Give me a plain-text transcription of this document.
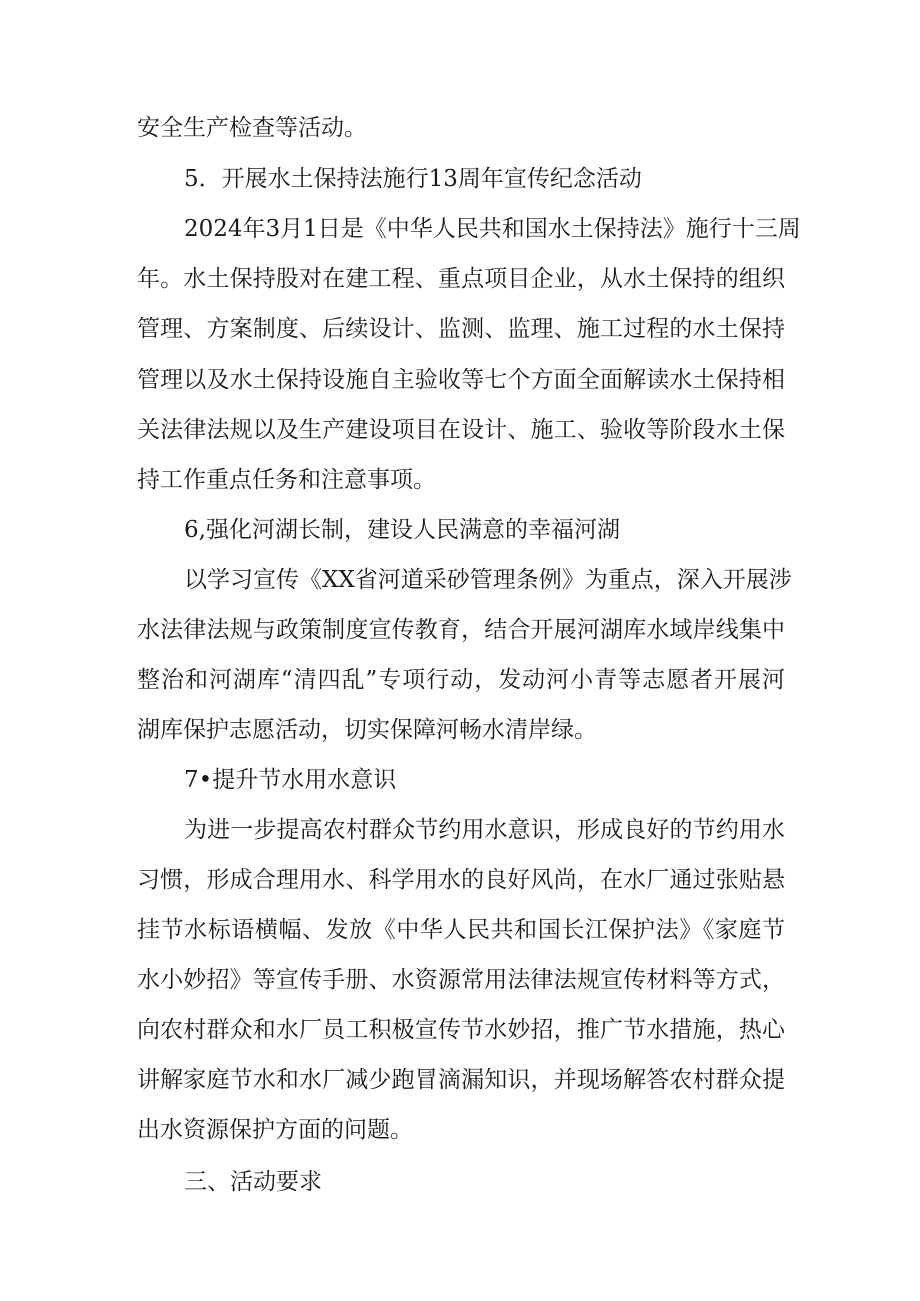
安全生产检查等活动。
5．开展水土保持法施行13周年宣传纪念活动
2024年3月1日是《中华人民共和国水土保持法》施行十三周
年。水土保持股对在建工程、重点项目企业，从水土保持的组织
管理、方案制度、后续设计、监测、监理、施工过程的水土保持
管理以及水土保持设施自主验收等七个方面全面解读水土保持相
关法律法规以及生产建设项目在设计、施工、验收等阶段水土保
持工作重点任务和注意事项。
6,强化河湖长制，建设人民满意的幸福河湖
以学习宣传《XX省河道采砂管理条例》为重点，深入开展涉
水法律法规与政策制度宣传教育，结合开展河湖库水域岸线集中
整治和河湖库“清四乱”专项行动，发动河小青等志愿者开展河
湖库保护志愿活动，切实保障河畅水清岸绿。
7•提升节水用水意识
为进一步提高农村群众节约用水意识，形成良好的节约用水
习惯，形成合理用水、科学用水的良好风尚，在水厂通过张贴悬
挂节水标语横幅、发放《中华人民共和国长江保护法》《家庭节
水小妙招》等宣传手册、水资源常用法律法规宣传材料等方式，
向农村群众和水厂员工积极宣传节水妙招，推广节水措施，热心
讲解家庭节水和水厂减少跑冒滴漏知识，并现场解答农村群众提
出水资源保护方面的问题。
三、活动要求
